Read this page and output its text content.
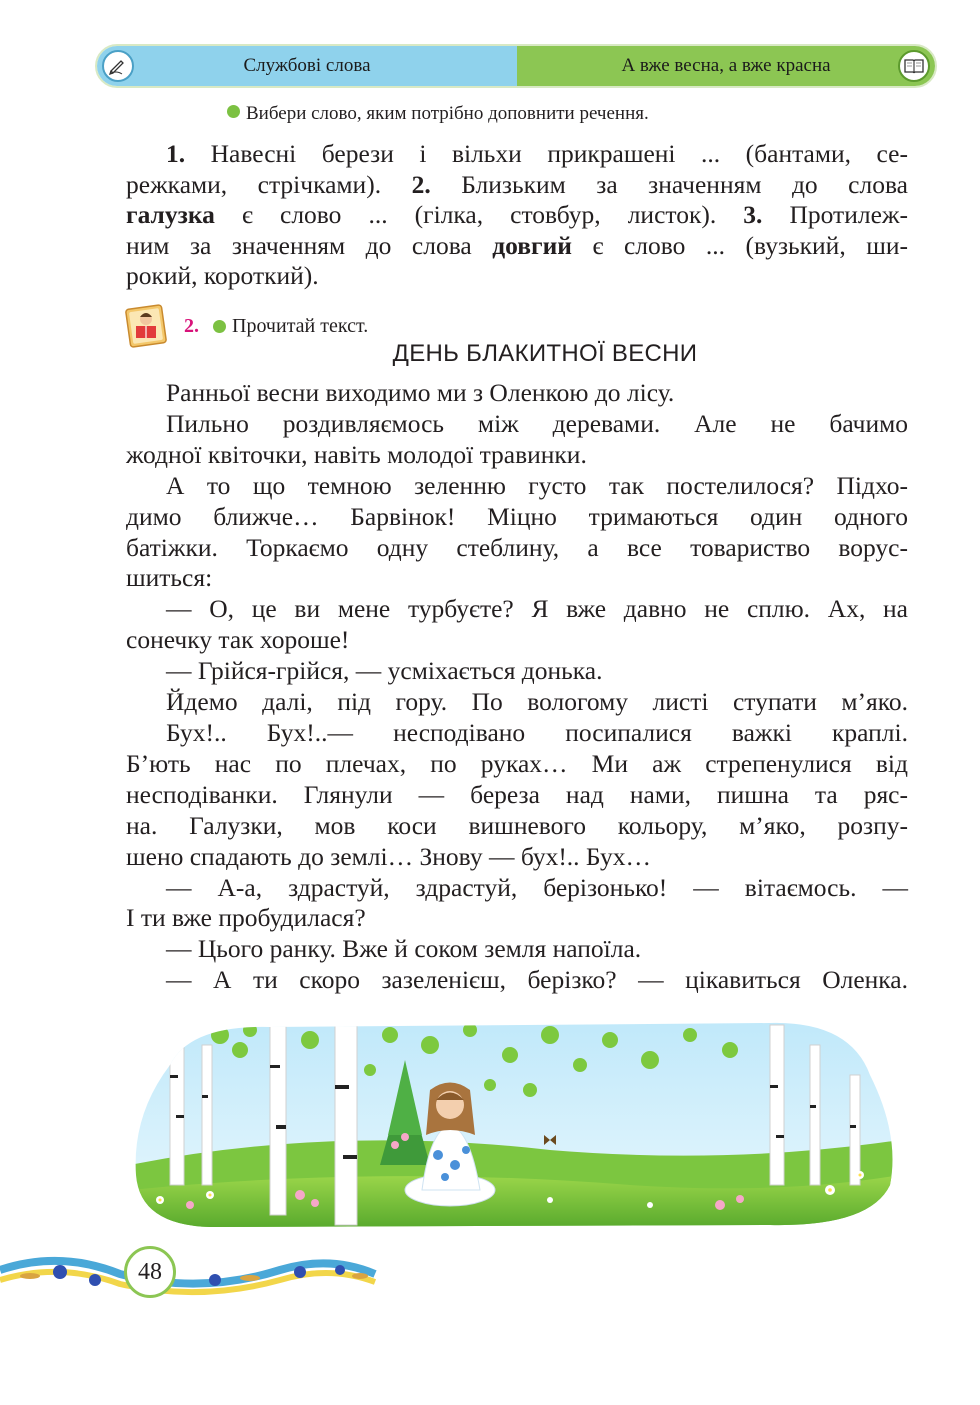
Службові слова	А вже весна, а вже красна
Вибери слово, яким потрібно доповнити речення.
1. Навесні берези і вільхи прикрашені ... (бантами, се-
режками, стрічками). 2. Близьким за значенням до слова
галузка є слово ... (гілка, стовбур, листок). 3. Протилеж-
ним за значенням до слова довгий є слово ... (вузький, ши-
рокий, короткий).
2. Прочитай текст.
ДЕНЬ БЛАКИТНОЇ ВЕСНИ
Ранньої весни виходимо ми з Оленкою до лісу.
Пильно роздивляємось між деревами. Але не бачимо
жодної квіточки, навіть молодої травинки.
А то що темною зеленню густо так постелилося? Підхо-
димо ближче… Барвінок! Міцно тримаються один одного
батіжки. Торкаємо одну стеблину, а все товариство ворус-
шиться:
— О, це ви мене турбуєте? Я вже давно не сплю. Ах, на
сонечку так хороше!
— Грійся-грійся, — усміхається донька.
Йдемо далі, під гору. По вологому листі ступати м’яко.
Бух!.. Бух!..— несподівано посипалися важкі краплі.
Б’ють нас по плечах, по руках… Ми аж стрепенулися від
несподіванки. Глянули — береза над нами, пишна та ряс-
на. Галузки, мов коси вишневого кольору, м’яко, розпу-
шено спадають до землі… Знову — бух!.. Бух…
— А-а, здрастуй, здрастуй, берізонько! — вітаємось. —
І ти вже пробудилася?
— Цього ранку. Вже й соком земля напоїла.
— А ти скоро зазеленієш, берізко? — цікавиться Оленка.
48
